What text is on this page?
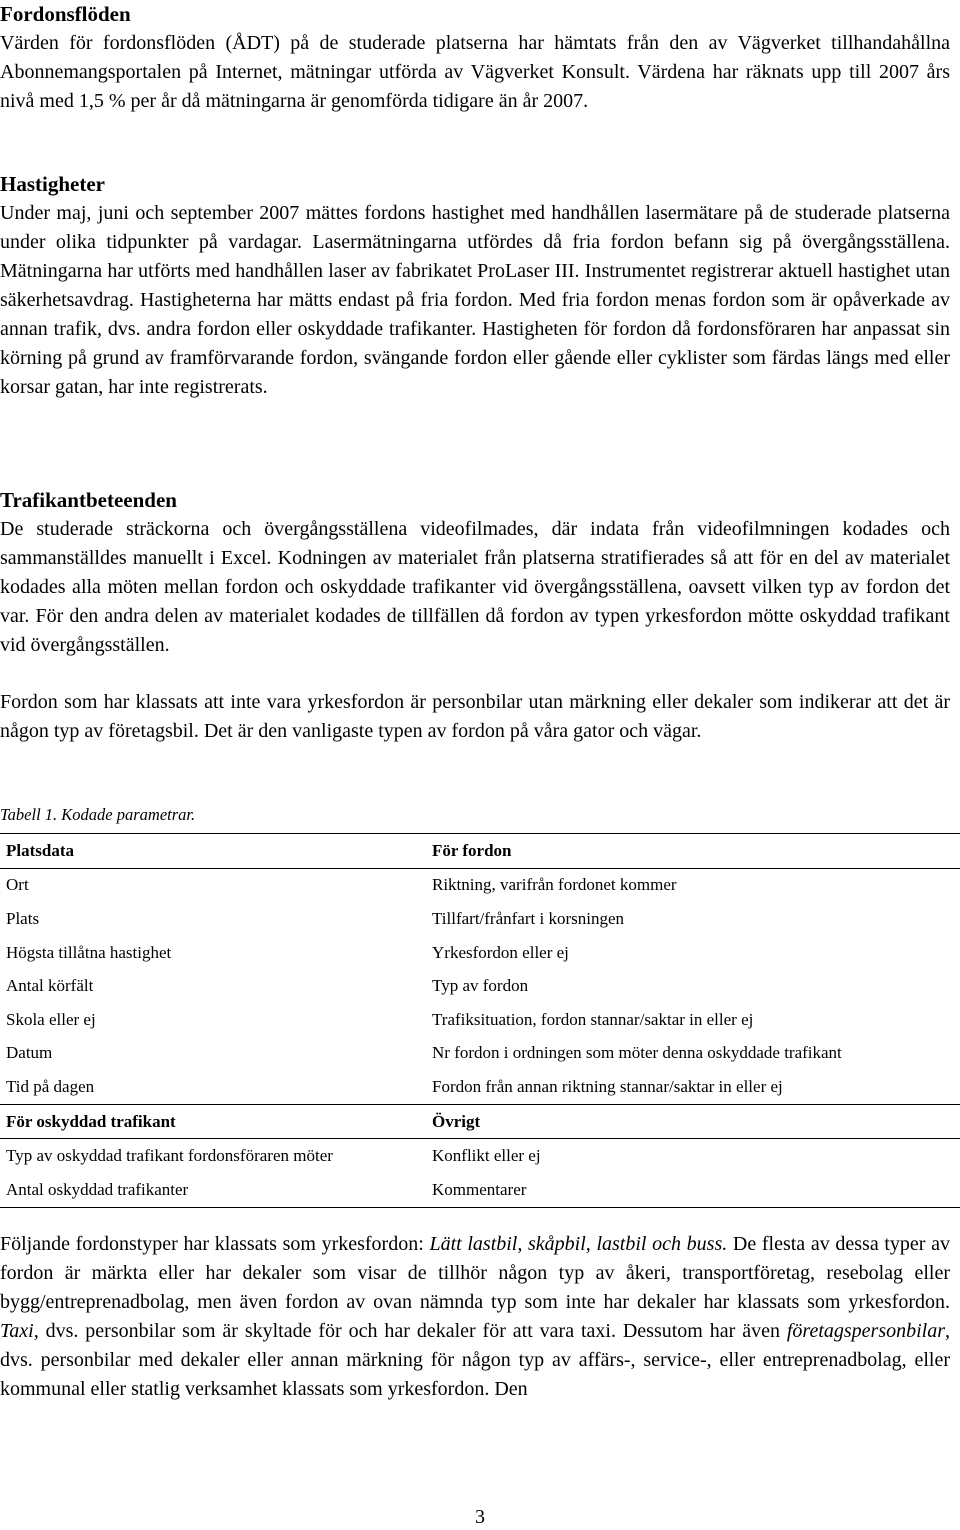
Fordonsflöden

Värden för fordonsflöden (ÅDT) på de studerade platserna har hämtats från den av Vägverket tillhandahållna Abonnemangsportalen på Internet, mätningar utförda av Vägverket Konsult. Värdena har räknats upp till 2007 års nivå med 1,5 % per år då mätningarna är genomförda tidigare än år 2007.

Hastigheter

Under maj, juni och september 2007 mättes fordons hastighet med handhållen lasermätare på de studerade platserna under olika tidpunkter på vardagar. Lasermätningarna utfördes då fria fordon befann sig på övergångsställena. Mätningarna har utförts med handhållen laser av fabrikatet ProLaser III. Instrumentet registrerar aktuell hastighet utan säkerhetsavdrag. Hastigheterna har mätts endast på fria fordon. Med fria fordon menas fordon som är opåverkade av annan trafik, dvs. andra fordon eller oskyddade trafikanter. Hastigheten för fordon då fordonsföraren har anpassat sin körning på grund av framförvarande fordon, svängande fordon eller gående eller cyklister som färdas längs med eller korsar gatan, har inte registrerats.

Trafikantbeteenden

De studerade sträckorna och övergångsställena videofilmades, där indata från videofilmningen kodades och sammanställdes manuellt i Excel. Kodningen av materialet från platserna stratifierades så att för en del av materialet kodades alla möten mellan fordon och oskyddade trafikanter vid övergångsställena, oavsett vilken typ av fordon det var. För den andra delen av materialet kodades de tillfällen då fordon av typen yrkesfordon mötte oskyddad trafikant vid övergångsställen.

Fordon som har klassats att inte vara yrkesfordon är personbilar utan märkning eller dekaler som indikerar att det är någon typ av företagsbil. Det är den vanligaste typen av fordon på våra gator och vägar.

Tabell 1. Kodade parametrar.
Platsdata	För fordon
Ort	Riktning, varifrån fordonet kommer
Plats	Tillfart/frånfart i korsningen
Högsta tillåtna hastighet	Yrkesfordon eller ej
Antal körfält	Typ av fordon
Skola eller ej	Trafiksituation, fordon stannar/saktar in eller ej
Datum	Nr fordon i ordningen som möter denna oskyddade trafikant
Tid på dagen	Fordon från annan riktning stannar/saktar in eller ej
För oskyddad trafikant	Övrigt
Typ av oskyddad trafikant fordonsföraren möter	Konflikt eller ej
Antal oskyddad trafikanter	Kommentarer

Följande fordonstyper har klassats som yrkesfordon: Lätt lastbil, skåpbil, lastbil och buss. De flesta av dessa typer av fordon är märkta eller har dekaler som visar de tillhör någon typ av åkeri, transportföretag, resebolag eller bygg/entreprenadbolag, men även fordon av ovan nämnda typ som inte har dekaler har klassats som yrkesfordon. Taxi, dvs. personbilar som är skyltade för och har dekaler för att vara taxi. Dessutom har även företagspersonbilar, dvs. personbilar med dekaler eller annan märkning för någon typ av affärs-, service-, eller entreprenadbolag, eller kommunal eller statlig verksamhet klassats som yrkesfordon. Den

3
